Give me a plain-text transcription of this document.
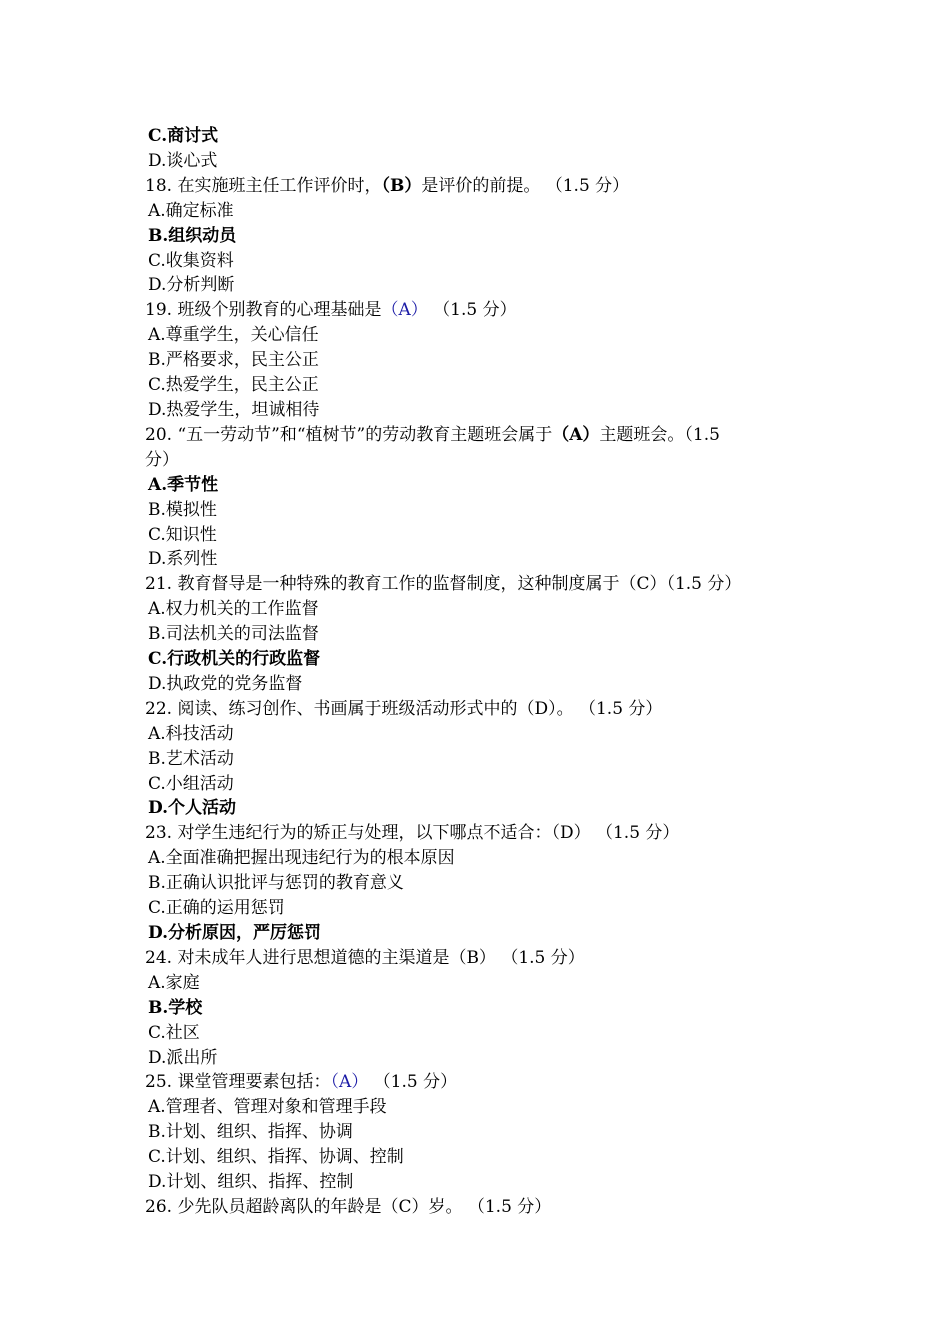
C.商讨式
D.谈心式
18. 在实施班主任工作评价时，（B）是评价的前提。 （1.5 分）
A.确定标准
B.组织动员
C.收集资料
D.分析判断
19. 班级个别教育的心理基础是（A） （1.5 分）
A.尊重学生，关心信任
B.严格要求，民主公正
C.热爱学生，民主公正
D.热爱学生，坦诚相待
20. “五一劳动节”和“植树节”的劳动教育主题班会属于（A）主题班会。（1.5
分）
A.季节性
B.模拟性
C.知识性
D.系列性
21. 教育督导是一种特殊的教育工作的监督制度，这种制度属于（C）（1.5 分）
A.权力机关的工作监督
B.司法机关的司法监督
C.行政机关的行政监督
D.执政党的党务监督
22. 阅读、练习创作、书画属于班级活动形式中的（D）。 （1.5 分）
A.科技活动
B.艺术活动
C.小组活动
D.个人活动
23. 对学生违纪行为的矫正与处理，以下哪点不适合：（D） （1.5 分）
A.全面准确把握出现违纪行为的根本原因
B.正确认识批评与惩罚的教育意义
C.正确的运用惩罚
D.分析原因，严厉惩罚
24. 对未成年人进行思想道德的主渠道是（B） （1.5 分）
A.家庭
B.学校
C.社区
D.派出所
25. 课堂管理要素包括：（A） （1.5 分）
A.管理者、管理对象和管理手段
B.计划、组织、指挥、协调
C.计划、组织、指挥、协调、控制
D.计划、组织、指挥、控制
26. 少先队员超龄离队的年龄是（C）岁。 （1.5 分）
